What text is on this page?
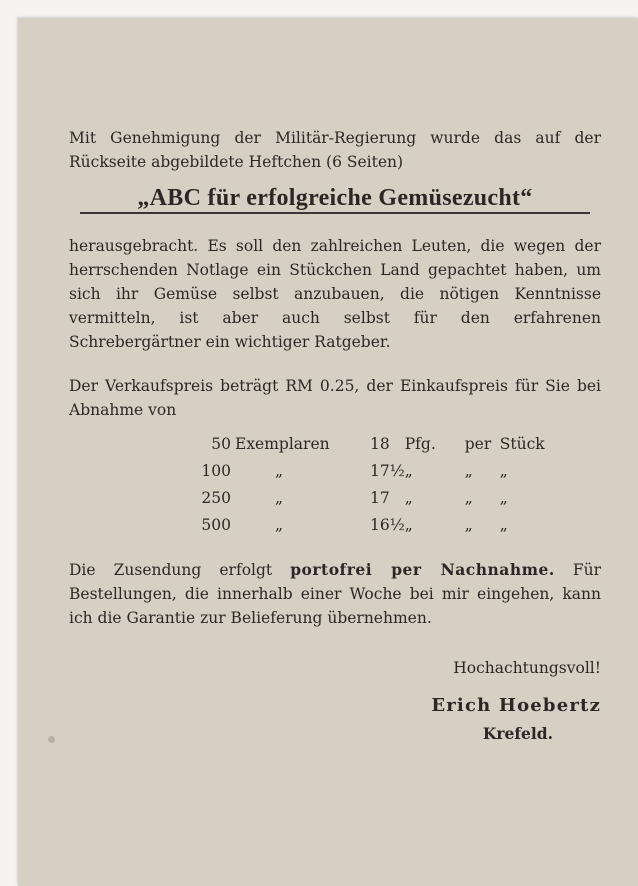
Mit Genehmigung der Militär-Regierung wurde das auf der Rückseite abgebildete Heftchen (6 Seiten)

„ABC für erfolgreiche Gemüsezucht“

herausgebracht. Es soll den zahlreichen Leuten, die wegen der herrschenden Notlage ein Stückchen Land gepachtet haben, um sich ihr Gemüse selbst anzubauen, die nötigen Kenntnisse vermitteln, ist aber auch selbst für den erfahrenen Schrebergärtner ein wichtiger Ratgeber.

Der Verkaufspreis beträgt RM 0.25, der Einkaufspreis für Sie bei Abnahme von

50	Exemplaren	18	Pfg.	per	Stück
100	„	17½	„	„	„
250	„	17	„	„	„
500	„	16½	„	„	„

Die Zusendung erfolgt portofrei per Nachnahme. Für Bestellungen, die innerhalb einer Woche bei mir eingehen, kann ich die Garantie zur Belieferung übernehmen.

Hochachtungsvoll!
Erich Hoebertz
Krefeld.
